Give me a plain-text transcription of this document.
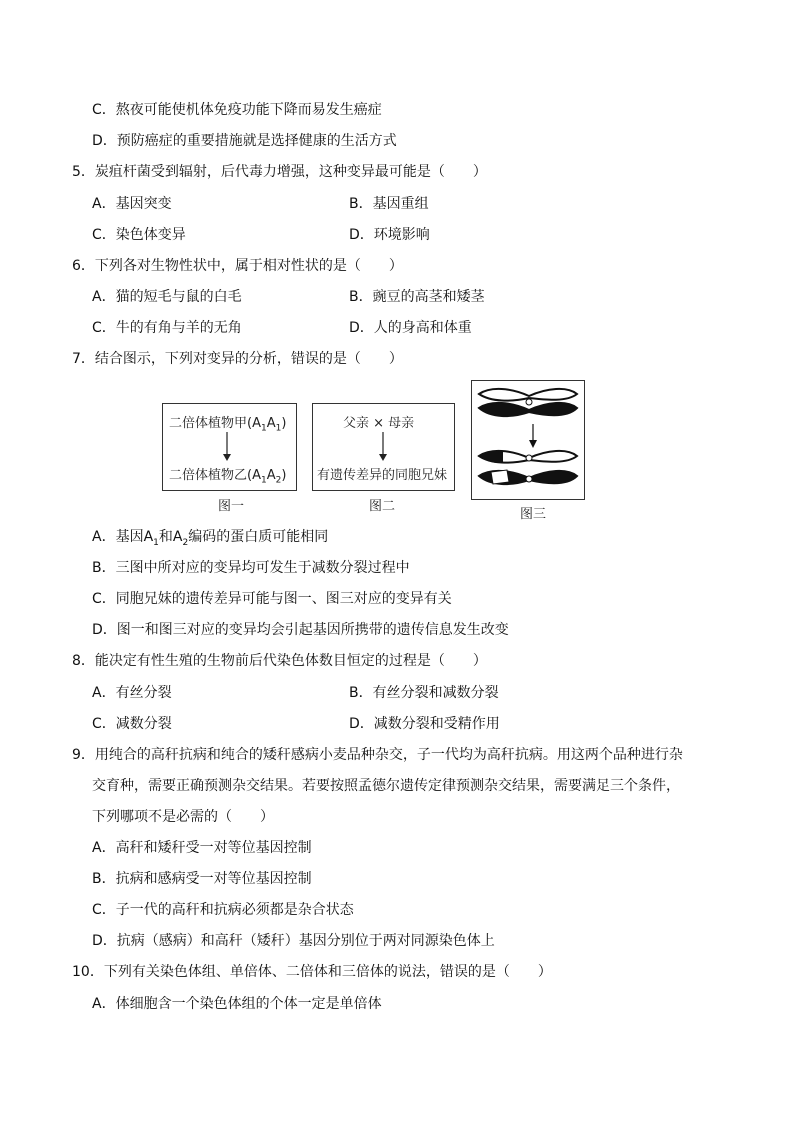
C．熬夜可能使机体免疫功能下降而易发生癌症
D．预防癌症的重要措施就是选择健康的生活方式
5．炭疽杆菌受到辐射，后代毒力增强，这种变异最可能是（　　）
A．基因突变	B．基因重组
C．染色体变异	D．环境影响
6．下列各对生物性状中，属于相对性状的是（　　）
A．猫的短毛与鼠的白毛	B．豌豆的高茎和矮茎
C．牛的有角与羊的无角	D．人的身高和体重
7．结合图示，下列对变异的分析，错误的是（　　）
二倍体植物甲$(A_1A_1)$
二倍体植物乙$(A_1A_2)$
图一
父亲 × 母亲
有遗传差异的同胞兄妹
图二
图三
A．基因$A_1$和$A_2$编码的蛋白质可能相同
B．三图中所对应的变异均可发生于减数分裂过程中
C．同胞兄妹的遗传差异可能与图一、图三对应的变异有关
D．图一和图三对应的变异均会引起基因所携带的遗传信息发生改变
8．能决定有性生殖的生物前后代染色体数目恒定的过程是（　　）
A．有丝分裂	B．有丝分裂和减数分裂
C．减数分裂	D．减数分裂和受精作用
9．用纯合的高秆抗病和纯合的矮秆感病小麦品种杂交，子一代均为高秆抗病。用这两个品种进行杂
交育种，需要正确预测杂交结果。若要按照孟德尔遗传定律预测杂交结果，需要满足三个条件，
下列哪项不是必需的（　　）
A．高秆和矮秆受一对等位基因控制
B．抗病和感病受一对等位基因控制
C．子一代的高秆和抗病必须都是杂合状态
D．抗病（感病）和高秆（矮秆）基因分别位于两对同源染色体上
10．下列有关染色体组、单倍体、二倍体和三倍体的说法，错误的是（　　）
A．体细胞含一个染色体组的个体一定是单倍体
